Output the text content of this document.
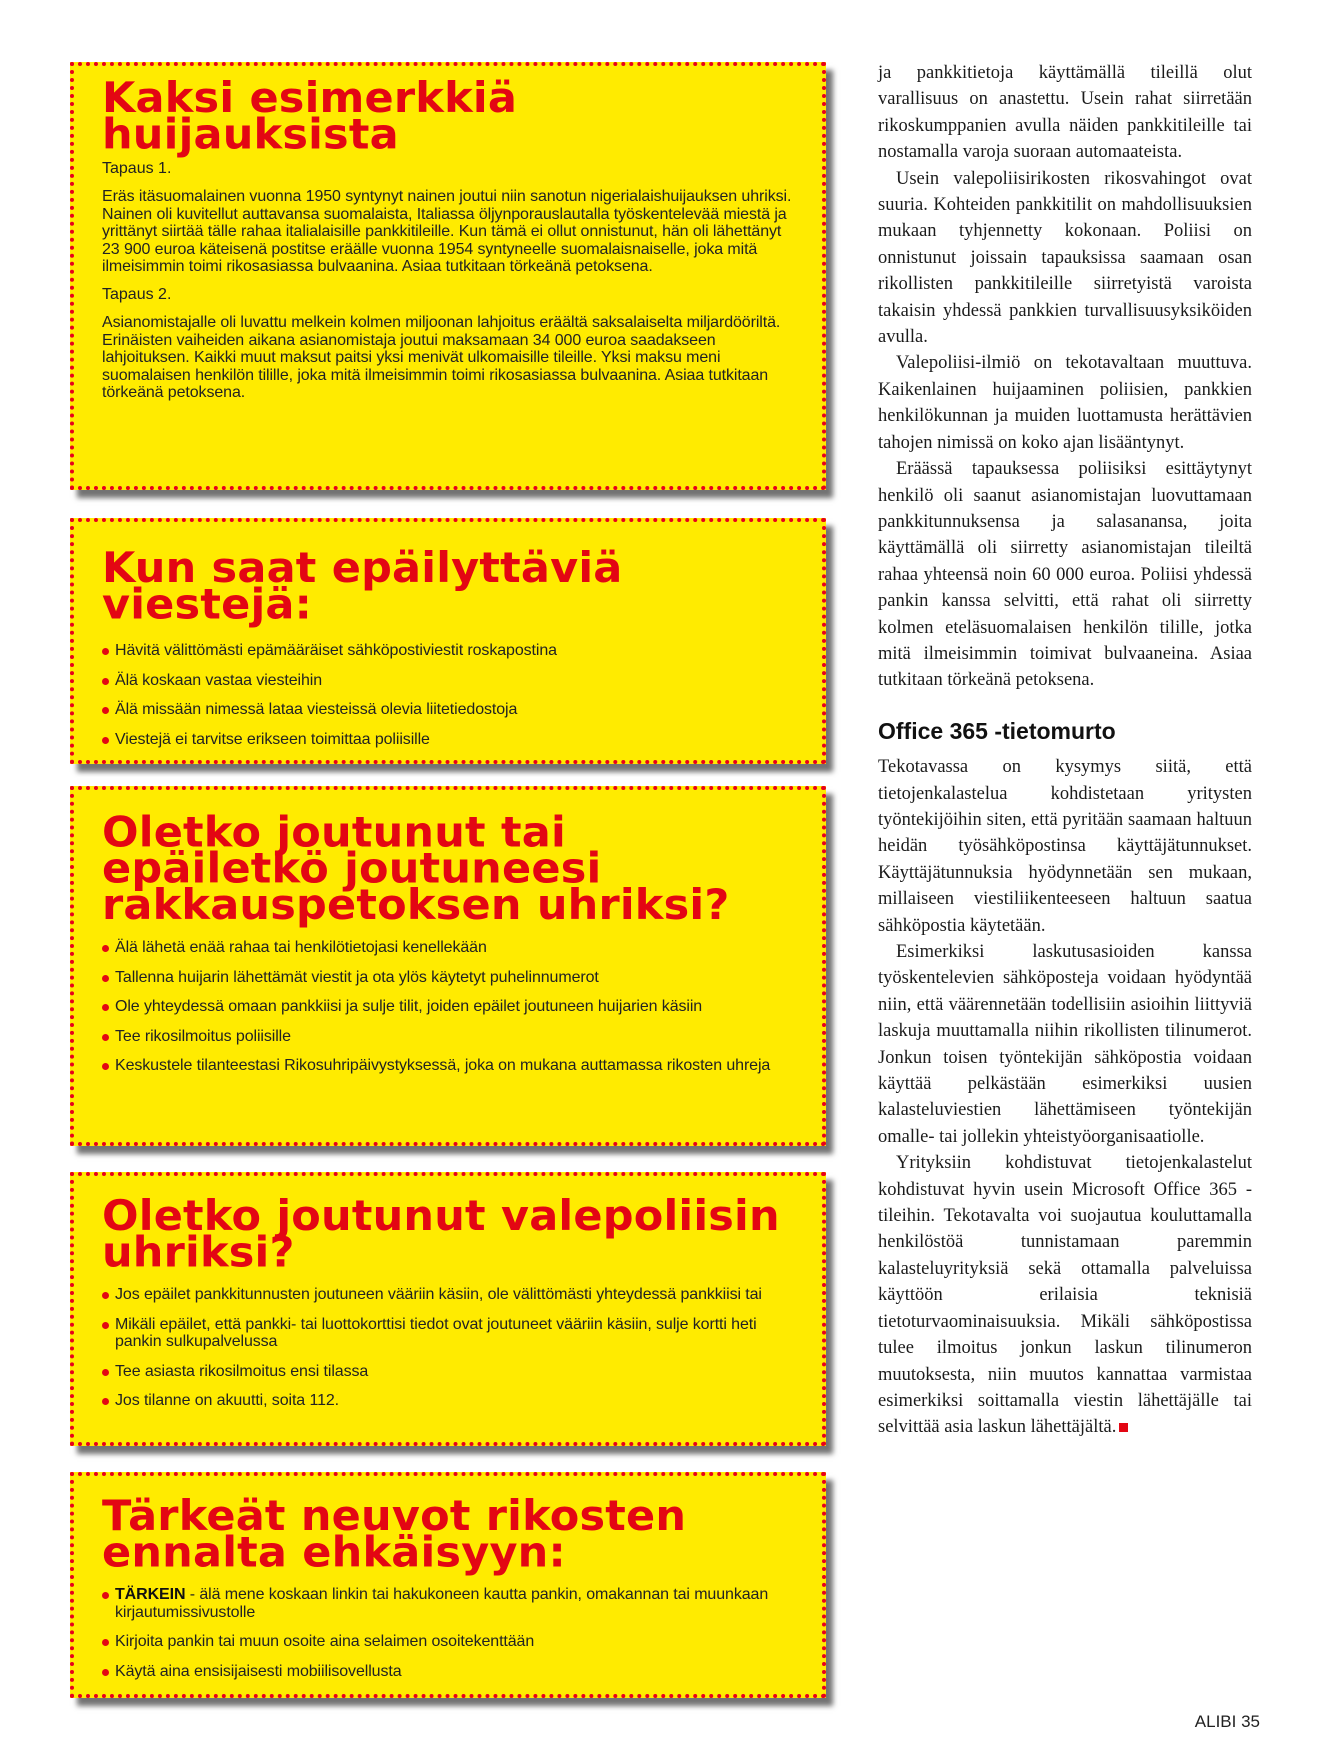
Kaksi esimerkkiä huijauksista
Tapaus 1.

Eräs itäsuomalainen vuonna 1950 syntynyt nainen joutui niin sanotun nigerialaishuijauksen uhriksi. Nainen oli kuvitellut auttavansa suomalaista, Italiassa öljynporauslautalla työskentelevää miestä ja yrittänyt siirtää tälle rahaa italialaisille pankkitileille. Kun tämä ei ollut onnistunut, hän oli lähettänyt 23 900 euroa käteisenä postitse eräälle vuonna 1954 syntyneelle suomalaisnaiselle, joka mitä ilmeisimmin toimi rikosasiassa bulvaanina. Asiaa tutkitaan törkeänä petoksena.

Tapaus 2.

Asianomistajalle oli luvattu melkein kolmen miljoonan lahjoitus eräältä saksalaiselta miljardööriltä. Erinäisten vaiheiden aikana asianomistaja joutui maksamaan 34 000 euroa saadakseen lahjoituksen. Kaikki muut maksut paitsi yksi menivät ulkomaisille tileille. Yksi maksu meni suomalaisen henkilön tilille, joka mitä ilmeisimmin toimi rikosasiassa bulvaanina. Asiaa tutkitaan törkeänä petoksena.

Kun saat epäilyttäviä viestejä:
Hävitä välittömästi epämääräiset sähköpostiviestit roskapostina
Älä koskaan vastaa viesteihin
Älä missään nimessä lataa viesteissä olevia liitetiedostoja
Viestejä ei tarvitse erikseen toimittaa poliisille
Oletko joutunut tai epäiletkö joutuneesi rakkauspetoksen uhriksi?
Älä lähetä enää rahaa tai henkilötietojasi kenellekään
Tallenna huijarin lähettämät viestit ja ota ylös käytetyt puhelinnumerot
Ole yhteydessä omaan pankkiisi ja sulje tilit, joiden epäilet joutuneen huijarien käsiin
Tee rikosilmoitus poliisille
Keskustele tilanteestasi Rikosuhripäivystyksessä, joka on mukana auttamassa rikosten uhreja
Oletko joutunut valepoliisin uhriksi?
Jos epäilet pankkitunnusten joutuneen vääriin käsiin, ole välittömästi yhteydessä pankkiisi tai
Mikäli epäilet, että pankki- tai luottokorttisi tiedot ovat joutuneet vääriin käsiin, sulje kortti heti pankin sulkupalvelussa
Tee asiasta rikosilmoitus ensi tilassa
Jos tilanne on akuutti, soita 112.
Tärkeät neuvot rikosten ennalta ehkäisyyn:
TÄRKEIN - älä mene koskaan linkin tai hakukoneen kautta pankin, omakannan tai muunkaan kirjautumissivustolle
Kirjoita pankin tai muun osoite aina selaimen osoitekenttään
Käytä aina ensisijaisesti mobiilisovellusta

ja pankkitietoja käyttämällä tileillä olut varallisuus on anastettu. Usein rahat siirretään rikoskumppanien avulla näiden pankkitileille tai nostamalla varoja suoraan automaateista.

Usein valepoliisirikosten rikosvahingot ovat suuria. Kohteiden pankkitilit on mahdollisuuksien mukaan tyhjennetty kokonaan. Poliisi on onnistunut joissain tapauksissa saamaan osan rikollisten pankkitileille siirretyistä varoista takaisin yhdessä pankkien turvallisuusyksiköiden avulla.

Valepoliisi-ilmiö on tekotavaltaan muuttuva. Kaikenlainen huijaaminen poliisien, pankkien henkilökunnan ja muiden luottamusta herättävien tahojen nimissä on koko ajan lisääntynyt.

Eräässä tapauksessa poliisiksi esittäytynyt henkilö oli saanut asianomistajan luovuttamaan pankkitunnuksensa ja salasanansa, joita käyttämällä oli siirretty asianomistajan tileiltä rahaa yhteensä noin 60 000 euroa. Poliisi yhdessä pankin kanssa selvitti, että rahat oli siirretty kolmen eteläsuomalaisen henkilön tilille, jotka mitä ilmeisimmin toimivat bulvaaneina. Asiaa tutkitaan törkeänä petoksena.

Office 365 -tietomurto

Tekotavassa on kysymys siitä, että tietojenkalastelua kohdistetaan yritysten työntekijöihin siten, että pyritään saamaan haltuun heidän työsähköpostinsa käyttäjätunnukset. Käyttäjätunnuksia hyödynnetään sen mukaan, millaiseen viestiliikenteeseen haltuun saatua sähköpostia käytetään.

Esimerkiksi laskutusasioiden kanssa työskentelevien sähköposteja voidaan hyödyntää niin, että väärennetään todellisiin asioihin liittyviä laskuja muuttamalla niihin rikollisten tilinumerot. Jonkun toisen työntekijän sähköpostia voidaan käyttää pelkästään esimerkiksi uusien kalasteluviestien lähettämiseen työntekijän omalle- tai jollekin yhteistyöorganisaatiolle.

Yrityksiin kohdistuvat tietojenkalastelut kohdistuvat hyvin usein Microsoft Office 365 -tileihin. Tekotavalta voi suojautua kouluttamalla henkilöstöä tunnistamaan paremmin kalasteluyrityksiä sekä ottamalla palveluissa käyttöön erilaisia teknisiä tietoturvaominaisuuksia. Mikäli sähköpostissa tulee ilmoitus jonkun laskun tilinumeron muutoksesta, niin muutos kannattaa varmistaa esimerkiksi soittamalla viestin lähettäjälle tai selvittää asia laskun lähettäjältä.

ALIBI 35
